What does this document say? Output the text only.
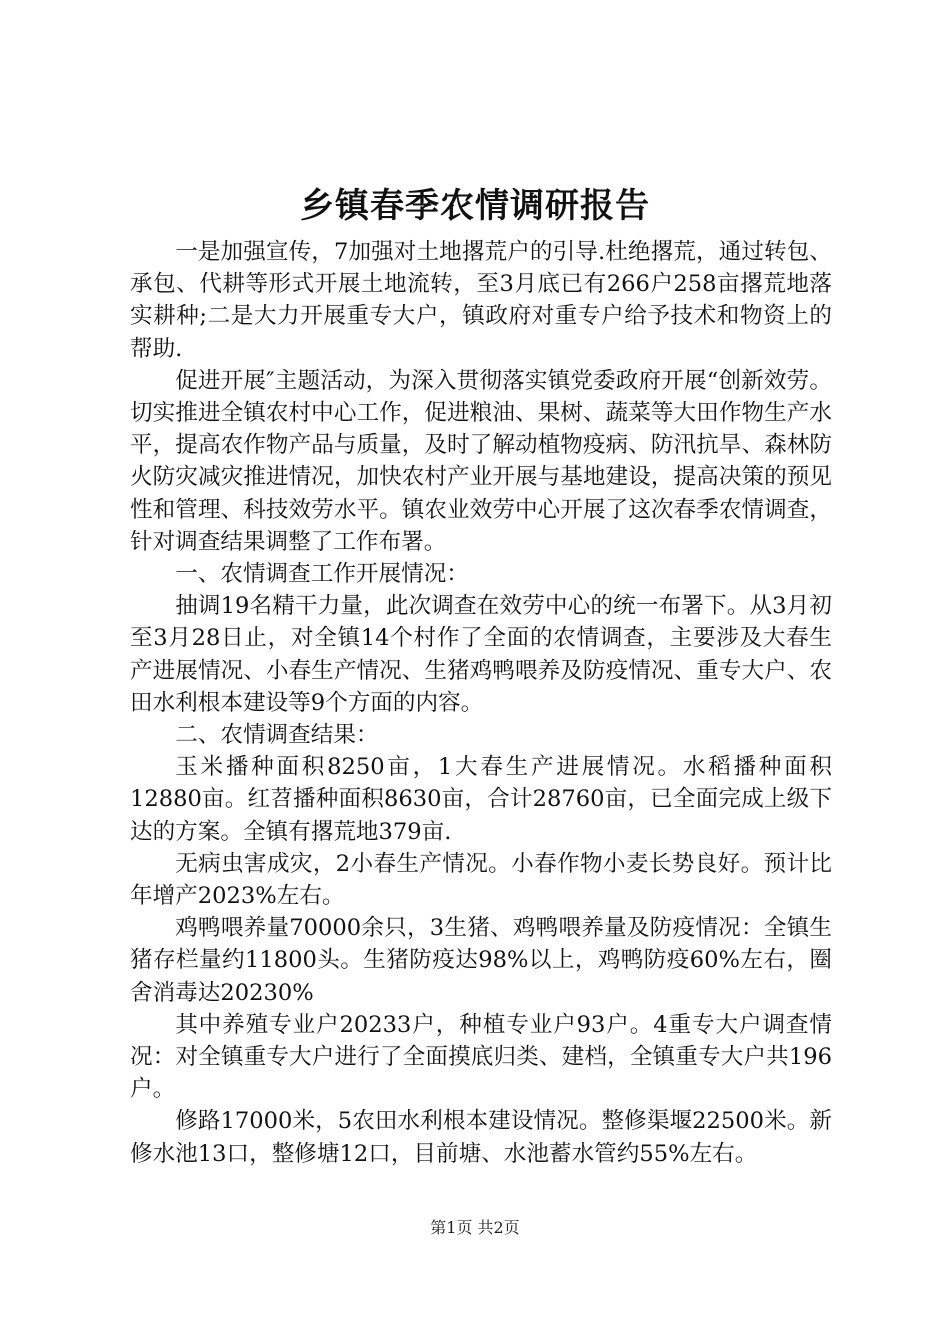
乡镇春季农情调研报告

一是加强宣传，7加强对土地撂荒户的引导.杜绝撂荒，通过转包、承包、代耕等形式开展土地流转，至3月底已有266户258亩撂荒地落实耕种;二是大力开展重专大户，镇政府对重专户给予技术和物资上的帮助.

促进开展″主题活动，为深入贯彻落实镇党委政府开展“创新效劳。切实推进全镇农村中心工作，促进粮油、果树、蔬菜等大田作物生产水平，提高农作物产品与质量，及时了解动植物疫病、防汛抗旱、森林防火防灾减灾推进情况，加快农村产业开展与基地建设，提高决策的预见性和管理、科技效劳水平。镇农业效劳中心开展了这次春季农情调查，针对调查结果调整了工作布署。

一、农情调查工作开展情况：

抽调19名精干力量，此次调查在效劳中心的统一布署下。从3月初至3月28日止，对全镇14个村作了全面的农情调查，主要涉及大春生产进展情况、小春生产情况、生猪鸡鸭喂养及防疫情况、重专大户、农田水利根本建设等9个方面的内容。

二、农情调查结果：

玉米播种面积8250亩，1大春生产进展情况。水稻播种面积12880亩。红苕播种面积8630亩，合计28760亩，已全面完成上级下达的方案。全镇有撂荒地379亩.

无病虫害成灾，2小春生产情况。小春作物小麦长势良好。预计比年增产2023%左右。

鸡鸭喂养量70000余只，3生猪、鸡鸭喂养量及防疫情况：全镇生猪存栏量约11800头。生猪防疫达98%以上，鸡鸭防疫60%左右，圈舍消毒达20230%

其中养殖专业户20233户，种植专业户93户。4重专大户调查情况：对全镇重专大户进行了全面摸底归类、建档，全镇重专大户共196户。

修路17000米，5农田水利根本建设情况。整修渠堰22500米。新修水池13口，整修塘12口，目前塘、水池蓄水管约55%左右。

第1页 共2页
